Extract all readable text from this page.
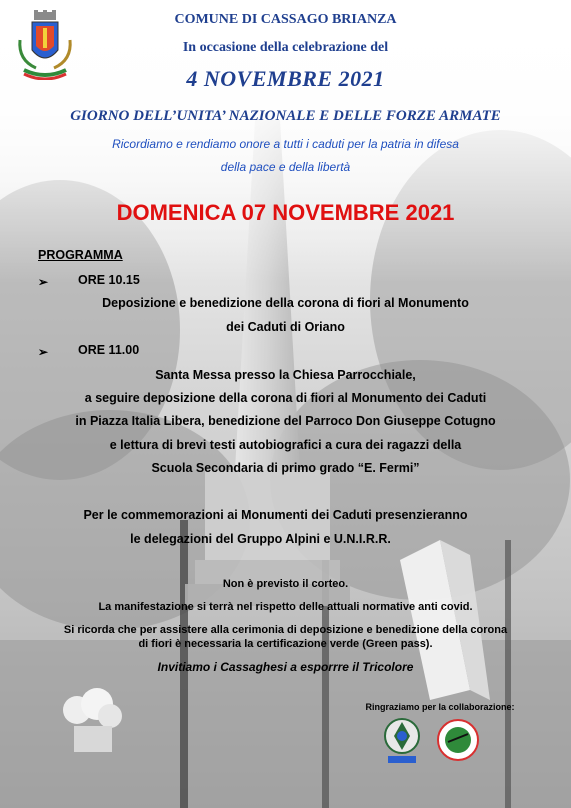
COMUNE DI CASSAGO BRIANZA
In occasione della celebrazione del
4 NOVEMBRE 2021
GIORNO DELL’UNITA’ NAZIONALE E DELLE FORZE ARMATE
Ricordiamo e rendiamo onore a tutti i caduti per la patria in difesa
della pace e della libertà
DOMENICA 07 NOVEMBRE 2021
PROGRAMMA
➢ ORE 10.15
Deposizione e benedizione della corona di fiori al Monumento
dei Caduti di Oriano
➢ ORE 11.00
Santa Messa presso la Chiesa Parrocchiale,
a seguire deposizione della corona di fiori al Monumento dei Caduti
in Piazza Italia Libera, benedizione del Parroco Don Giuseppe Cotugno
e lettura di brevi testi autobiografici a cura dei ragazzi della
Scuola Secondaria di primo grado “E. Fermi”
Per le commemorazioni ai Monumenti dei Caduti presenzieranno
le delegazioni del Gruppo Alpini e U.N.I.R.R.
Non è previsto il corteo.
La manifestazione si terrà nel rispetto delle attuali normative anti covid.
Si ricorda che per assistere alla cerimonia di deposizione e benedizione della corona
di fiori è necessaria la certificazione verde (Green pass).
Invitiamo i Cassaghesi a esporrre il Tricolore
Ringraziamo per la collaborazione:
